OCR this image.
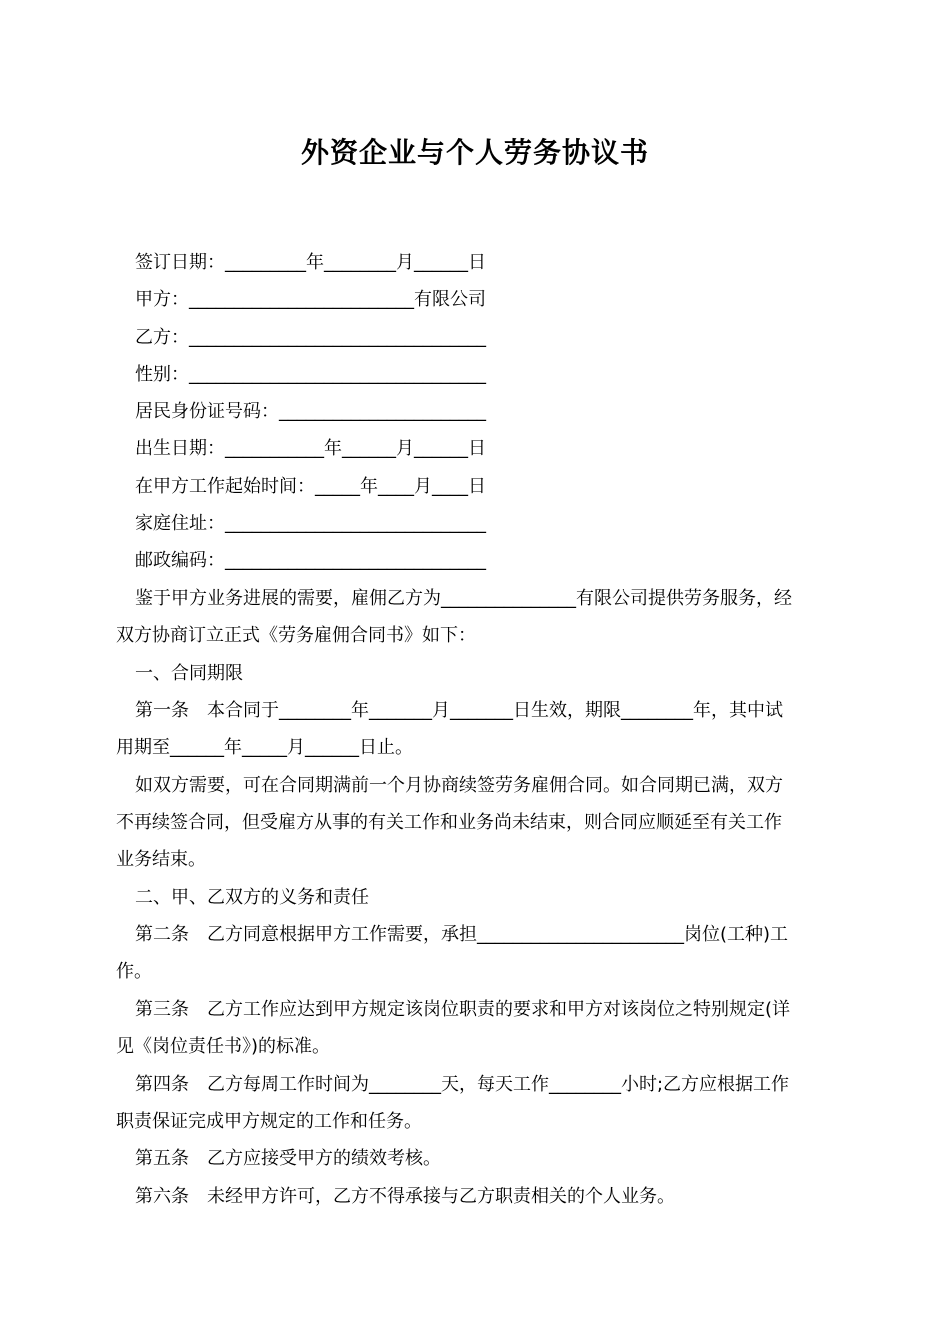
外资企业与个人劳务协议书
签订日期：_________年________月______日
甲方：_________________________有限公司
乙方：_________________________________
性别：_________________________________
居民身份证号码：_______________________
出生日期：___________年______月______日
在甲方工作起始时间：_____年____月____日
家庭住址：_____________________________
邮政编码：_____________________________
鉴于甲方业务进展的需要，雇佣乙方为_______________有限公司提供劳务服务，经
双方协商订立正式《劳务雇佣合同书》如下：
一、合同期限
第一条　本合同于________年_______月_______日生效，期限________年，其中试
用期至______年_____月______日止。
如双方需要，可在合同期满前一个月协商续签劳务雇佣合同。如合同期已满，双方
不再续签合同，但受雇方从事的有关工作和业务尚未结束，则合同应顺延至有关工作
业务结束。
二、甲、乙双方的义务和责任
第二条　乙方同意根据甲方工作需要，承担_______________________岗位(工种)工
作。
第三条　乙方工作应达到甲方规定该岗位职责的要求和甲方对该岗位之特别规定(详
见《岗位责任书》)的标准。
第四条　乙方每周工作时间为________天，每天工作________小时;乙方应根据工作
职责保证完成甲方规定的工作和任务。
第五条　乙方应接受甲方的绩效考核。
第六条　未经甲方许可，乙方不得承接与乙方职责相关的个人业务。
